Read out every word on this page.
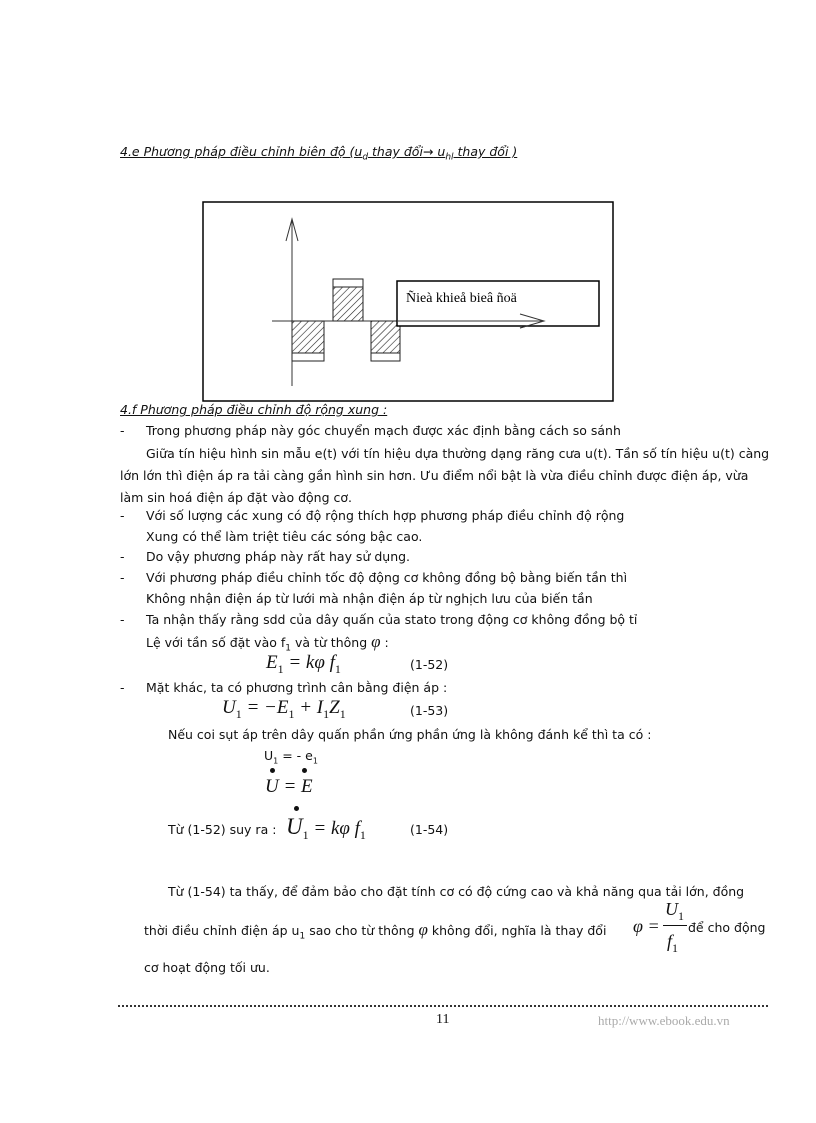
4.e Phương pháp điều chỉnh biên độ ($u_d$ thay đổi→ $u_{hl}$ thay đổi )
Ñieà khieå bieâ ñoä
4.f Phương pháp điều chỉnh độ rộng xung :
- Trong phương pháp này góc chuyển mạch được xác định bằng cách so sánh
Giữa tín hiệu hình sin mẫu e(t) với tín hiệu dựa thường dạng răng cưa u(t). Tần số tín hiệu u(t) càng
lớn lớn thì điện áp ra tải càng gần hình sin hơn. Ưu điểm nổi bật là vừa điều chỉnh được điện áp, vừa
làm sin hoá điện áp đặt vào động cơ.
- Với số lượng các xung có độ rộng thích hợp phương pháp điều chỉnh độ rộng
Xung có thể làm triệt tiêu các sóng bậc cao.
- Do vậy phương pháp này rất hay sử dụng.
- Với phương pháp điều chỉnh tốc độ động cơ không đồng bộ bằng biến tần thì
Không nhận điện áp từ lưới mà nhận điện áp từ nghịch lưu của biến tần
- Ta nhận thấy rằng sdd của dây quấn của stato trong động cơ không đồng bộ tỉ
Lệ với tần số đặt vào $f_1$ và từ thông φ :
$E_1 = k\varphi$ $f_1$	(1-52)
- Mặt khác, ta có phương trình cân bằng điện áp :
$U_1 = -E_1 + I_1Z_1$	(1-53)
Nếu coi sụt áp trên dây quấn phần ứng phần ứng là không đánh kể thì ta có :
$U_1$ = - $e_1$
U = E
Từ (1-52) suy ra : $U_1 = k\varphi$ $f_1$	(1-54)
Từ (1-54) ta thấy, để đảm bảo cho đặt tính cơ có độ cứng cao và khả năng qua tải lớn, đồng
thời điều chỉnh điện áp $u_1$ sao cho từ thông φ không đổi, nghĩa là thay đổi φ =
$U_1$
$f_1$
để cho động
cơ hoạt động tối ưu.
11	http://www.ebook.edu.vn
